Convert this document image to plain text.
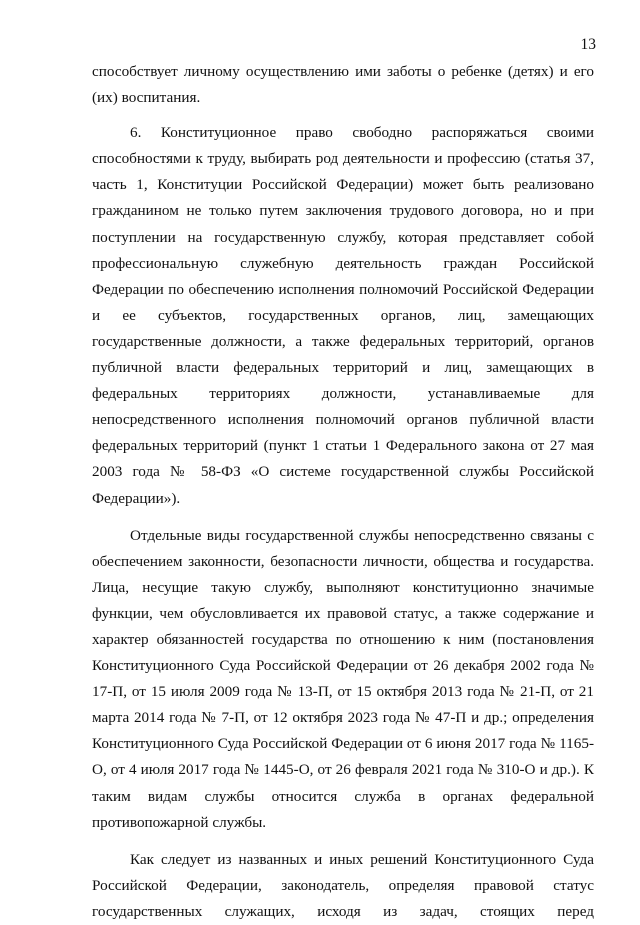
13

способствует личному осуществлению ими заботы о ребенке (детях) и его (их) воспитания.

6. Конституционное право свободно распоряжаться своими способностями к труду, выбирать род деятельности и профессию (статья 37, часть 1, Конституции Российской Федерации) может быть реализовано гражданином не только путем заключения трудового договора, но и при поступлении на государственную службу, которая представляет собой профессиональную служебную деятельность граждан Российской Федерации по обеспечению исполнения полномочий Российской Федерации и ее субъектов, государственных органов, лиц, замещающих государственные должности, а также федеральных территорий, органов публичной власти федеральных территорий и лиц, замещающих в федеральных территориях должности, устанавливаемые для непосредственного исполнения полномочий органов публичной власти федеральных территорий (пункт 1 статьи 1 Федерального закона от 27 мая 2003 года № 58-ФЗ «О системе государственной службы Российской Федерации»).

Отдельные виды государственной службы непосредственно связаны с обеспечением законности, безопасности личности, общества и государства. Лица, несущие такую службу, выполняют конституционно значимые функции, чем обусловливается их правовой статус, а также содержание и характер обязанностей государства по отношению к ним (постановления Конституционного Суда Российской Федерации от 26 декабря 2002 года № 17-П, от 15 июля 2009 года № 13-П, от 15 октября 2013 года № 21-П, от 21 марта 2014 года № 7-П, от 12 октября 2023 года № 47-П и др.; определения Конституционного Суда Российской Федерации от 6 июня 2017 года № 1165-О, от 4 июля 2017 года № 1445-О, от 26 февраля 2021 года № 310-О и др.). К таким видам службы относится служба в органах федеральной противопожарной службы.

Как следует из названных и иных решений Конституционного Суда Российской Федерации, законодатель, определяя правовой статус государственных служащих, исходя из задач, стоящих перед
